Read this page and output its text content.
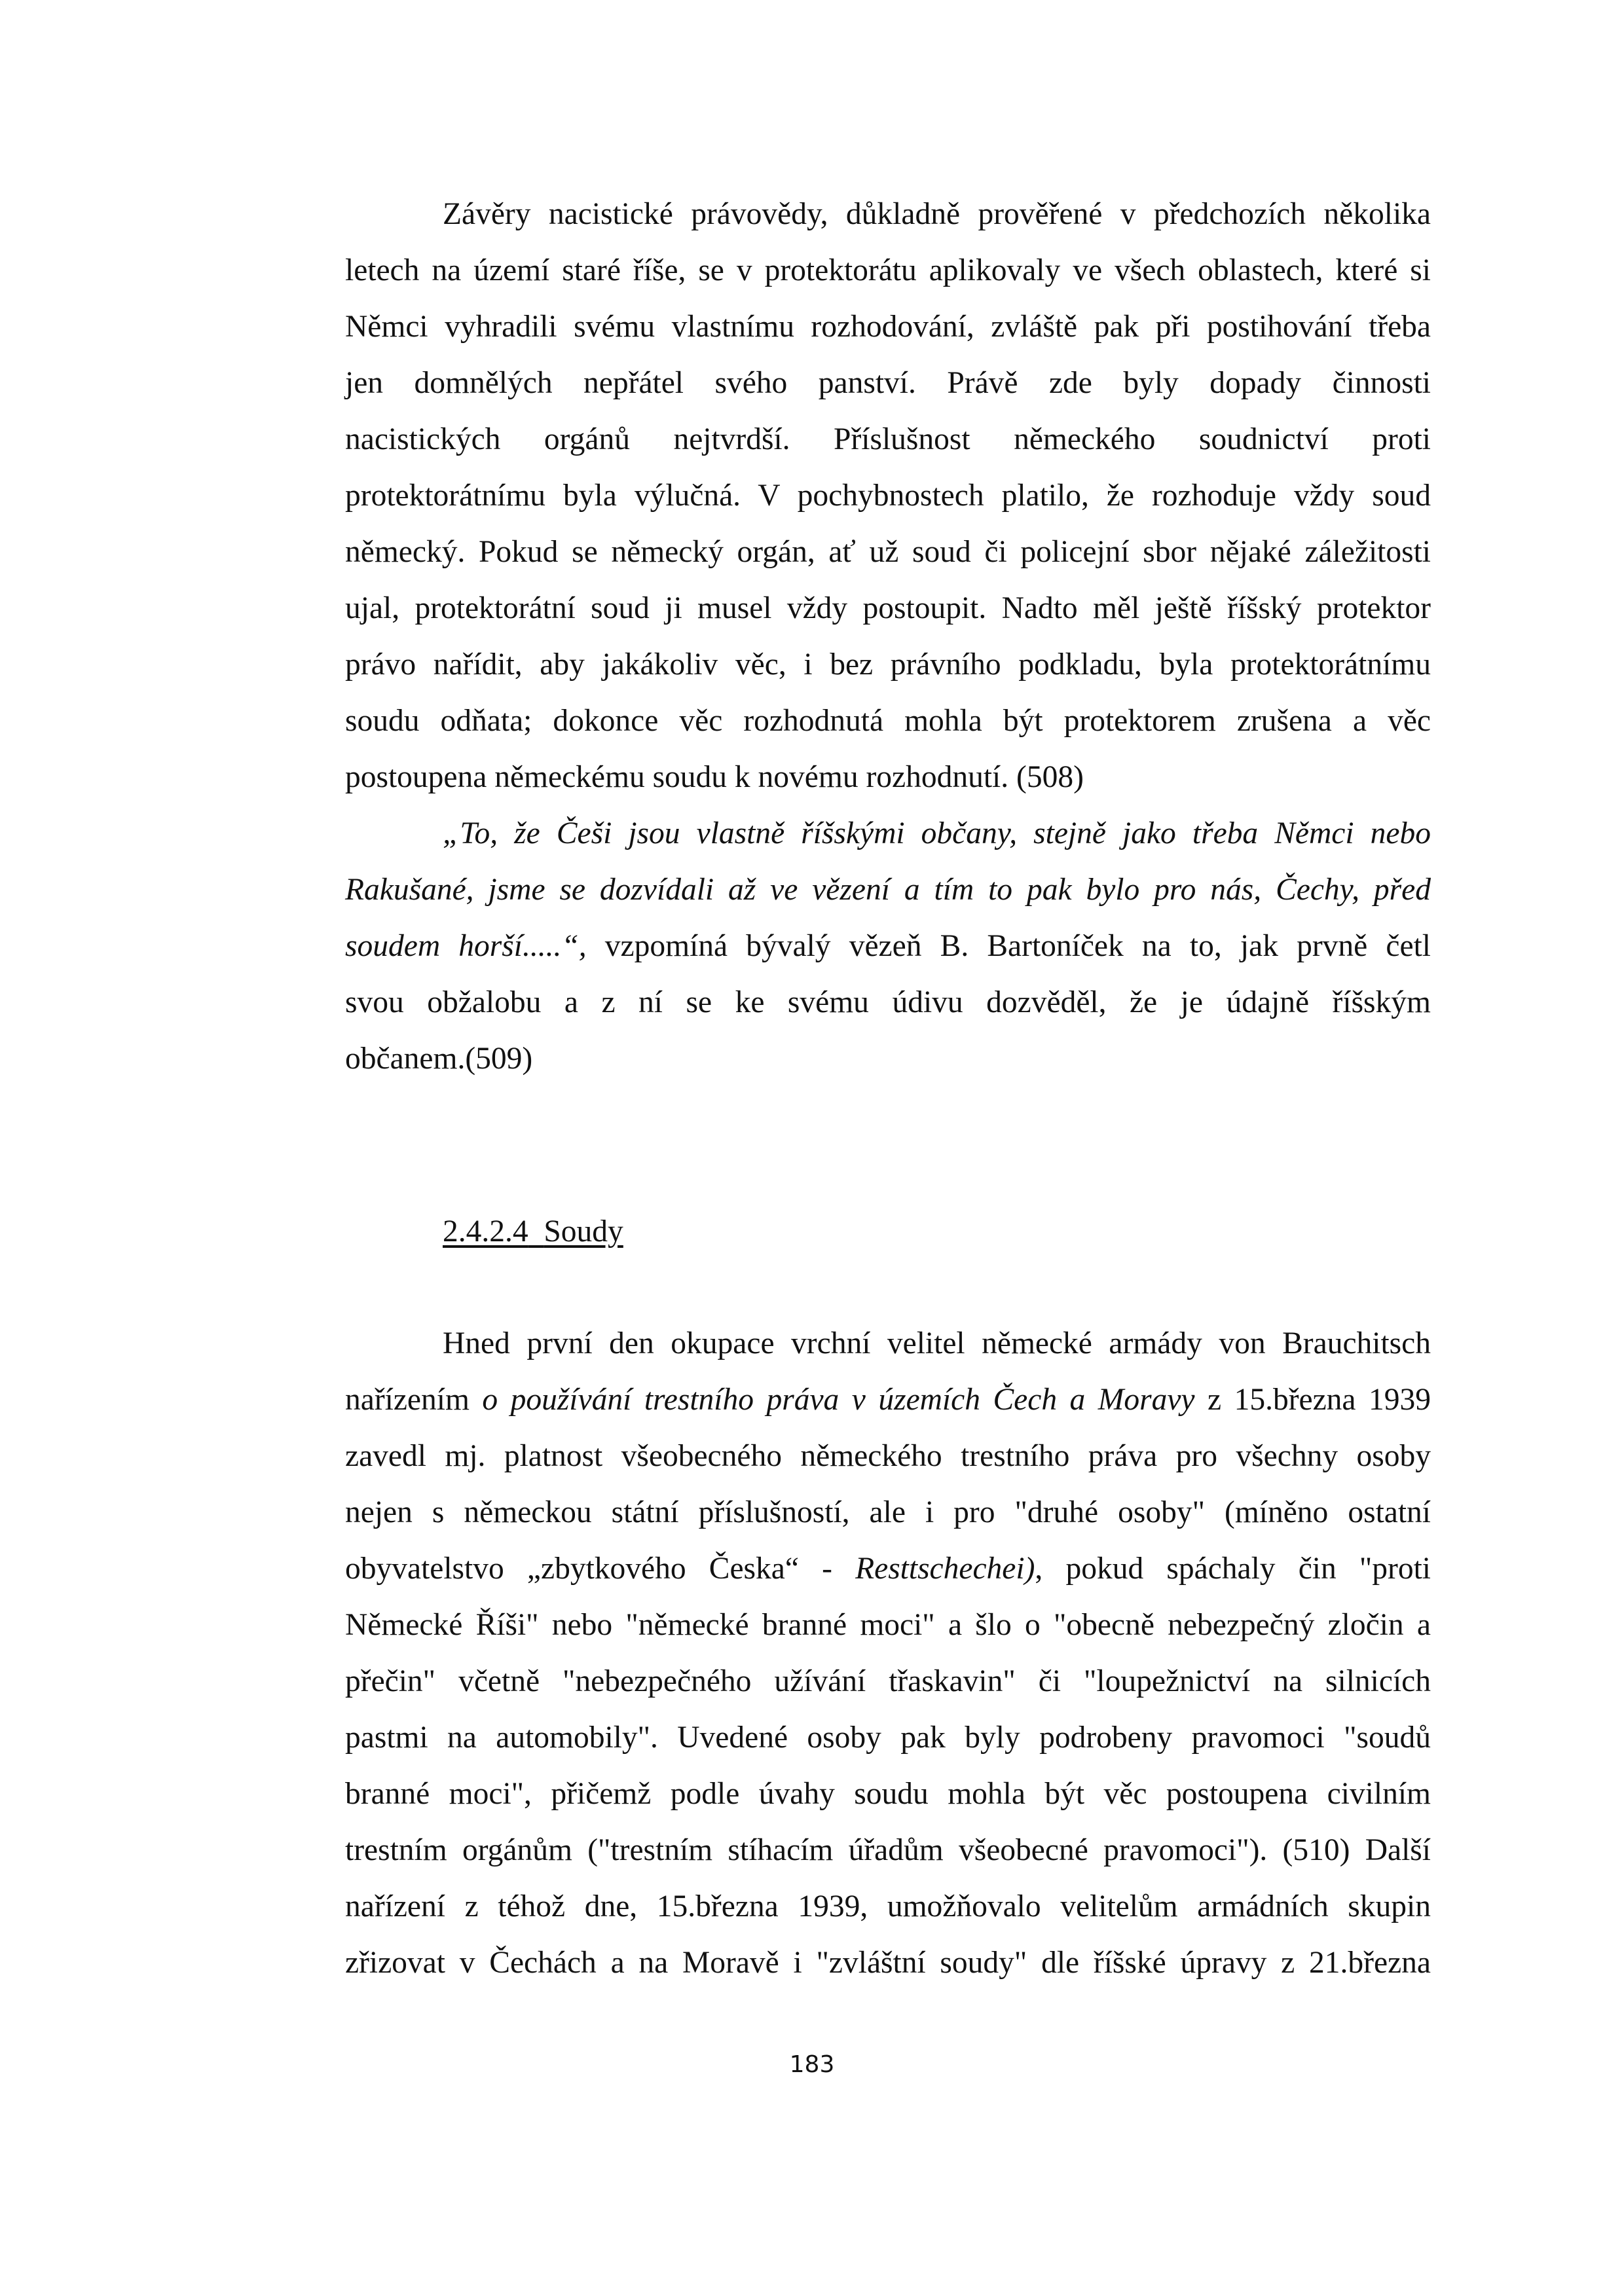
Závěry nacistické právovědy, důkladně prověřené v předchozích několika
letech na území staré říše, se v protektorátu aplikovaly ve všech oblastech, které si
Němci vyhradili svému vlastnímu rozhodování, zvláště pak při postihování třeba
jen domnělých nepřátel svého panství. Právě zde byly dopady činnosti
nacistických orgánů nejtvrdší. Příslušnost německého soudnictví proti
protektorátnímu byla výlučná. V pochybnostech platilo, že rozhoduje vždy soud
německý. Pokud se německý orgán, ať už soud či policejní sbor nějaké záležitosti
ujal, protektorátní soud ji musel vždy postoupit. Nadto měl ještě říšský protektor
právo nařídit, aby jakákoliv věc, i bez právního podkladu, byla protektorátnímu
soudu odňata; dokonce věc rozhodnutá mohla být protektorem zrušena a věc
postoupena německému soudu k novému rozhodnutí. (508)
„To, že Češi jsou vlastně říšskými občany, stejně jako třeba Němci nebo
Rakušané, jsme se dozvídali až ve vězení a tím to pak bylo pro nás, Čechy, před
soudem horší.....“, vzpomíná bývalý vězeň B. Bartoníček na to, jak prvně četl
svou obžalobu a z ní se ke svému údivu dozvěděl, že je údajně říšským
občanem.(509)
2.4.2.4 Soudy
Hned první den okupace vrchní velitel německé armády von Brauchitsch
nařízením o používání trestního práva v územích Čech a Moravy z 15.března 1939
zavedl mj. platnost všeobecného německého trestního práva pro všechny osoby
nejen s německou státní příslušností, ale i pro "druhé osoby" (míněno ostatní
obyvatelstvo „zbytkového Česka“ - Resttschechei), pokud spáchaly čin "proti
Německé Říši" nebo "německé branné moci" a šlo o "obecně nebezpečný zločin a
přečin" včetně "nebezpečného užívání třaskavin" či "loupežnictví na silnicích
pastmi na automobily". Uvedené osoby pak byly podrobeny pravomoci "soudů
branné moci", přičemž podle úvahy soudu mohla být věc postoupena civilním
trestním orgánům ("trestním stíhacím úřadům všeobecné pravomoci"). (510) Další
nařízení z téhož dne, 15.března 1939, umožňovalo velitelům armádních skupin
zřizovat v Čechách a na Moravě i "zvláštní soudy" dle říšské úpravy z 21.března
183
